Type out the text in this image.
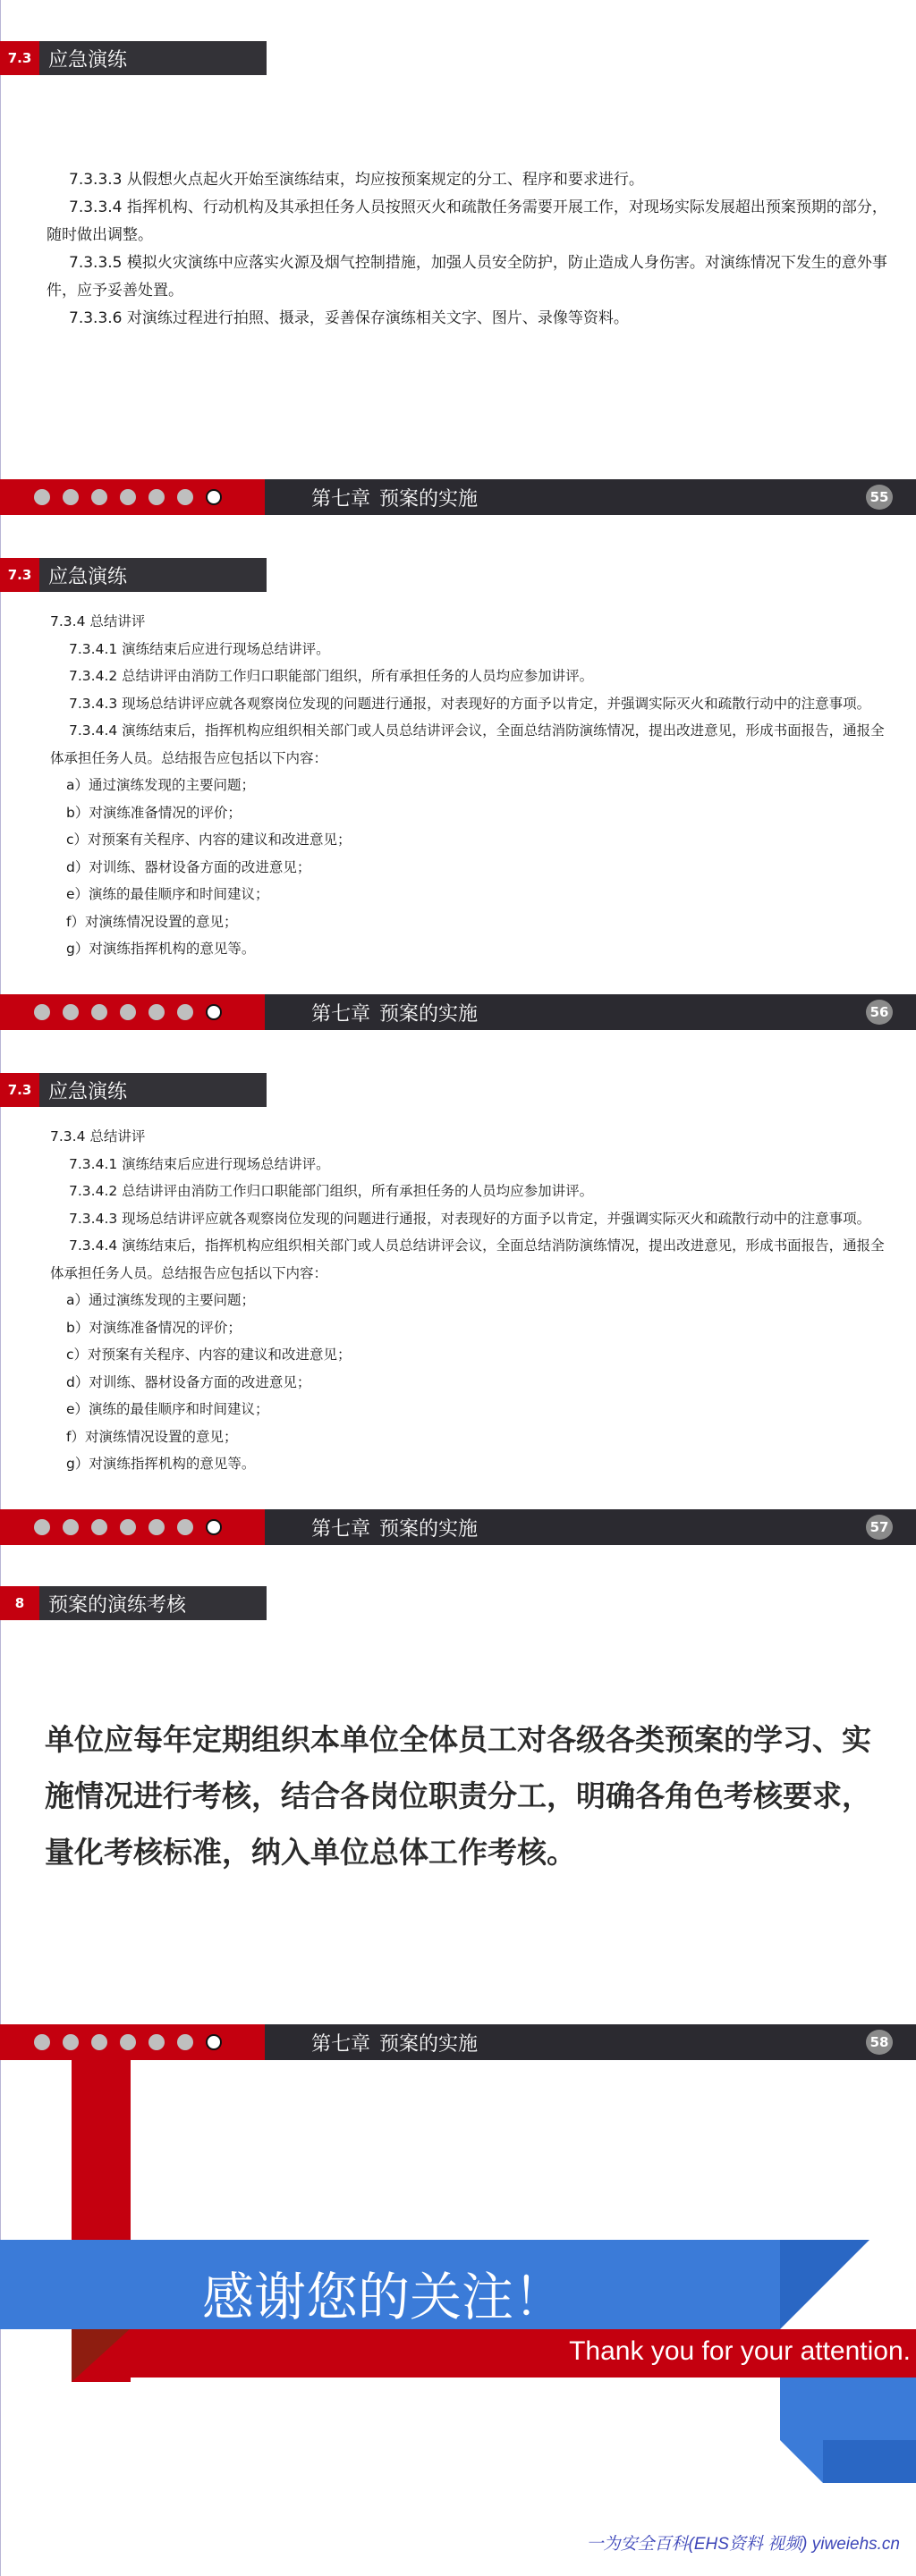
7.3 应急演练

7.3.3.3 从假想火点起火开始至演练结束，均应按预案规定的分工、程序和要求进行。

7.3.3.4 指挥机构、行动机构及其承担任务人员按照灭火和疏散任务需要开展工作，对现场实际发展超出预案预期的部分，随时做出调整。

7.3.3.5 模拟火灾演练中应落实火源及烟气控制措施，加强人员安全防护，防止造成人身伤害。对演练情况下发生的意外事件，应予妥善处置。

7.3.3.6 对演练过程进行拍照、摄录，妥善保存演练相关文字、图片、录像等资料。

第七章 预案的实施	55
7.3 应急演练

7.3.4 总结讲评

7.3.4.1 演练结束后应进行现场总结讲评。

7.3.4.2 总结讲评由消防工作归口职能部门组织，所有承担任务的人员均应参加讲评。

7.3.4.3 现场总结讲评应就各观察岗位发现的问题进行通报，对表现好的方面予以肯定，并强调实际灭火和疏散行动中的注意事项。

7.3.4.4 演练结束后，指挥机构应组织相关部门或人员总结讲评会议，全面总结消防演练情况，提出改进意见，形成书面报告，通报全体承担任务人员。总结报告应包括以下内容：

a）通过演练发现的主要问题；

b）对演练准备情况的评价；

c）对预案有关程序、内容的建议和改进意见；

d）对训练、器材设备方面的改进意见；

e）演练的最佳顺序和时间建议；

f）对演练情况设置的意见；

g）对演练指挥机构的意见等。

第七章 预案的实施	56
7.3 应急演练

7.3.4 总结讲评

7.3.4.1 演练结束后应进行现场总结讲评。

7.3.4.2 总结讲评由消防工作归口职能部门组织，所有承担任务的人员均应参加讲评。

7.3.4.3 现场总结讲评应就各观察岗位发现的问题进行通报，对表现好的方面予以肯定，并强调实际灭火和疏散行动中的注意事项。

7.3.4.4 演练结束后，指挥机构应组织相关部门或人员总结讲评会议，全面总结消防演练情况，提出改进意见，形成书面报告，通报全体承担任务人员。总结报告应包括以下内容：

a）通过演练发现的主要问题；

b）对演练准备情况的评价；

c）对预案有关程序、内容的建议和改进意见；

d）对训练、器材设备方面的改进意见；

e）演练的最佳顺序和时间建议；

f）对演练情况设置的意见；

g）对演练指挥机构的意见等。

第七章 预案的实施	57
8	预案的演练考核

单位应每年定期组织本单位全体员工对各级各类预案的学习、实施情况进行考核，结合各岗位职责分工，明确各角色考核要求，量化考核标准，纳入单位总体工作考核。

第七章 预案的实施	58
感谢您的关注！
Thank you for your attention.
一为安全百科(EHS资料 视频) yiweiehs.cn
